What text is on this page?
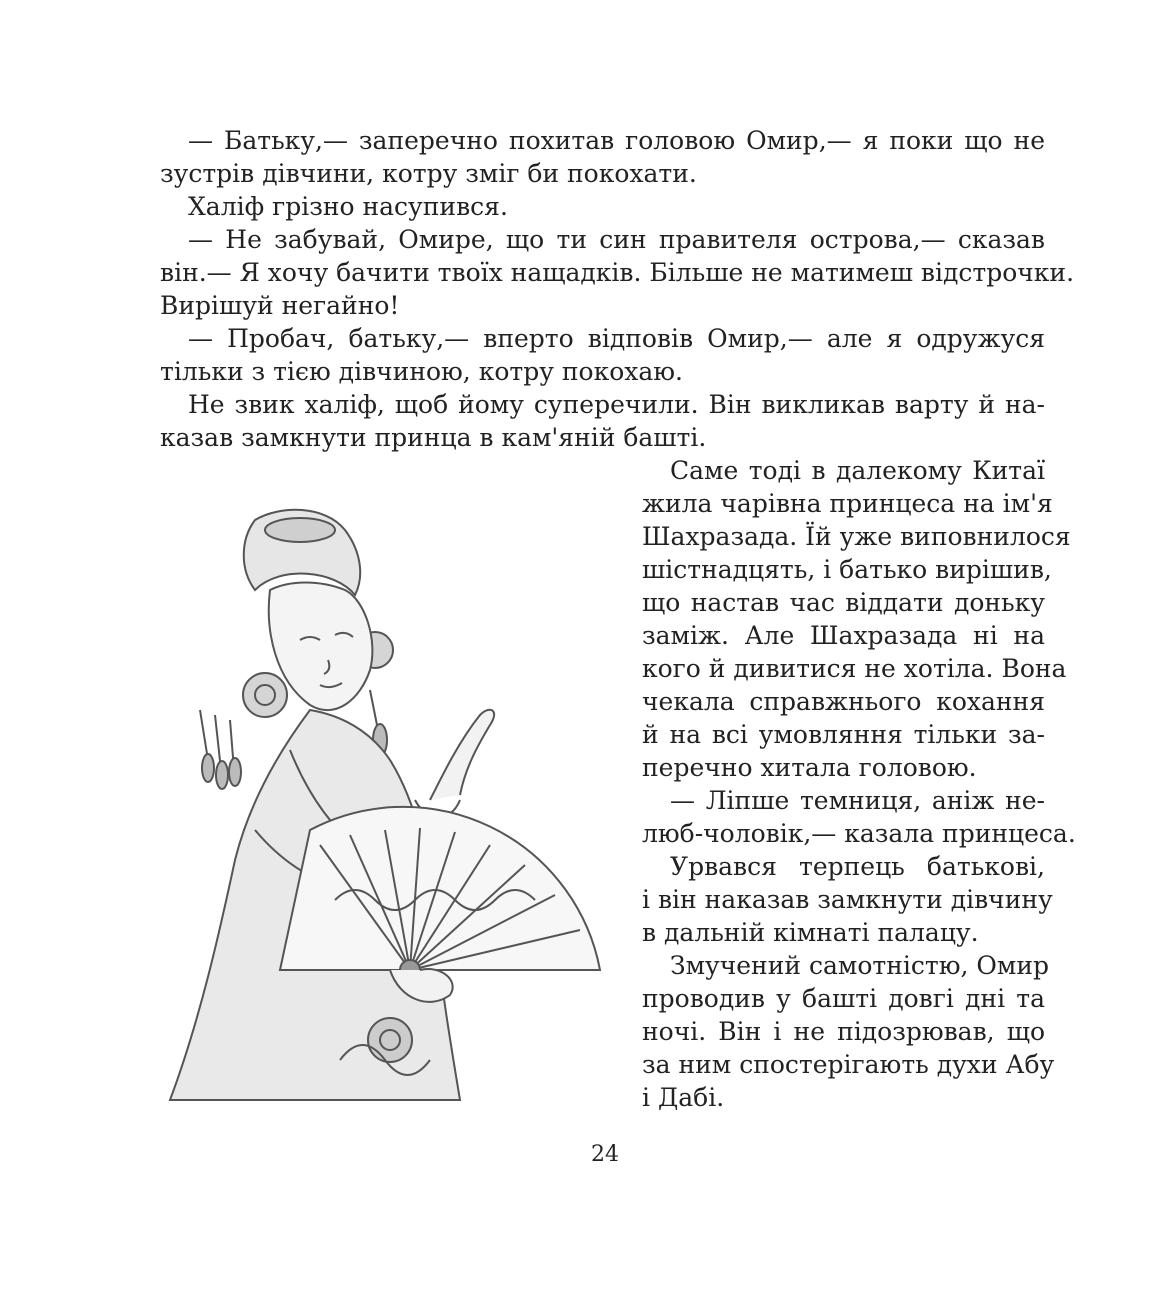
— Батьку,— заперечно похитав головою Омир,— я поки що не
зустрів дівчини, котру зміг би покохати.
Халіф грізно насупився.
— Не забувай, Омире, що ти син правителя острова,— сказав
він.— Я хочу бачити твоїх нащадків. Більше не матимеш відстрочки.
Вирішуй негайно!
— Пробач, батьку,— вперто відповів Омир,— але я одружуся
тільки з тією дівчиною, котру покохаю.
Не звик халіф, щоб йому суперечили. Він викликав варту й на-
казав замкнути принца в кам'яній башті.
Саме тоді в далекому Китаї
жила чарівна принцеса на ім'я
Шахразада. Їй уже виповнилося
шістнадцять, і батько вирішив,
що настав час віддати доньку
заміж. Але Шахразада ні на
кого й дивитися не хотіла. Вона
чекала справжнього кохання
й на всі умовляння тільки за-
перечно хитала головою.
— Ліпше темниця, аніж не-
люб-чоловік,— казала принцеса.
Урвався терпець батькові,
і він наказав замкнути дівчину
в дальній кімнаті палацу.
Змучений самотністю, Омир
проводив у башті довгі дні та
ночі. Він і не підозрював, що
за ним спостерігають духи Абу
і Дабі.
24
